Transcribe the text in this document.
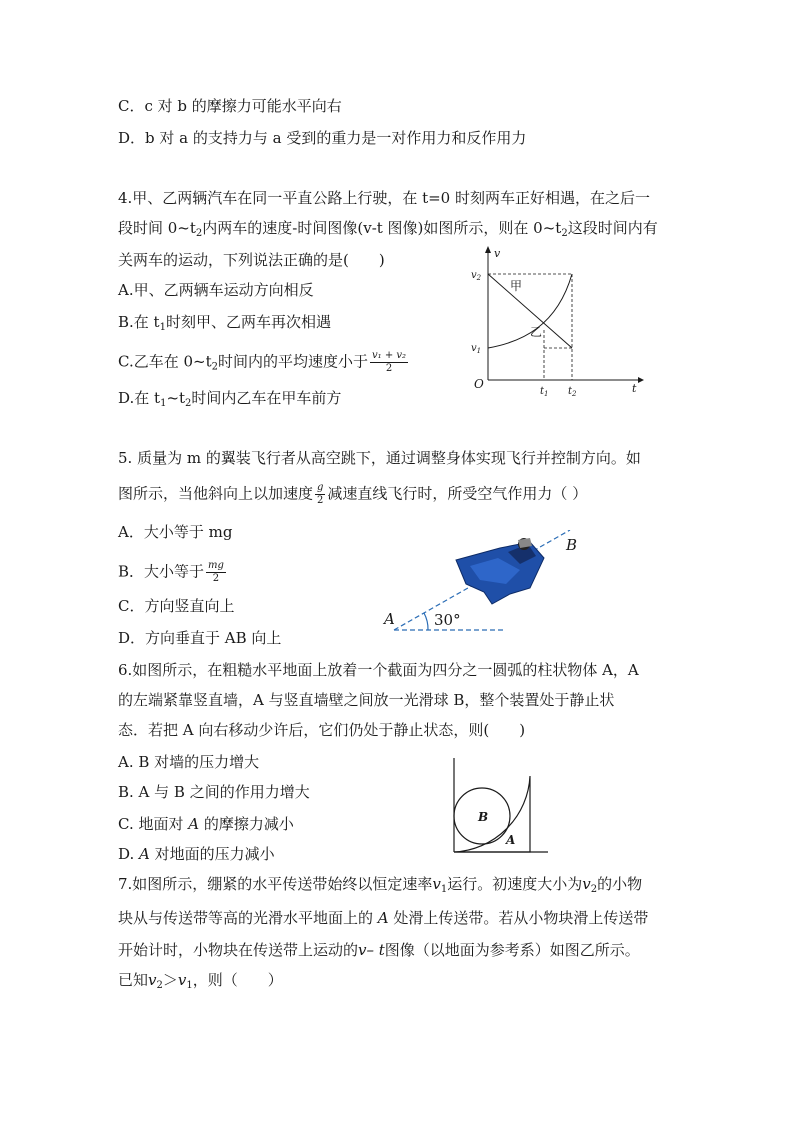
C．c 对 b 的摩擦力可能水平向右
D．b 对 a 的支持力与 a 受到的重力是一对作用力和反作用力
4.甲、乙两辆汽车在同一平直公路上行驶，在 t=0 时刻两车正好相遇，在之后一
段时间 $0\sim t_2$内两车的速度-时间图像(v-t 图像)如图所示，则在 $0\sim t_2$这段时间内有
关两车的运动，下列说法正确的是(　　)
A.甲、乙两辆车运动方向相反
B.在 $t_1$时刻甲、乙两车再次相遇
C.乙车在 $0\sim t_2$时间内的平均速度小于 $\frac{\text{v₁ + v₂}}{2}$
D.在 $t_1\sim t_2$时间内乙车在甲车前方
v
t
O
$v_2$
$v_1$
甲
乙
$t_1$ $t_2$
5. 质量为 m 的翼装飞行者从高空跳下，通过调整身体实现飞行并控制方向。如
图所示，当他斜向上以加速度 $\frac{g}{2}$ 减速直线飞行时，所受空气作用力（ ）
A．大小等于 mg
B．大小等于 $\frac{mg}{2}$
C．方向竖直向上
D．方向垂直于 AB 向上
30°
A
B
6.如图所示，在粗糙水平地面上放着一个截面为四分之一圆弧的柱状物体 A，A
的左端紧靠竖直墙，A 与竖直墙壁之间放一光滑球 B，整个装置处于静止状
态．若把 A 向右移动少许后，它们仍处于静止状态，则(　　)
A. B 对墙的压力增大
B. A 与 B 之间的作用力增大
C. 地面对 A 的摩擦力减小
D. A 对地面的压力减小
B
A
7.如图所示，绷紧的水平传送带始终以恒定速率$v_1$运行。初速度大小为$v_2$的小物
块从与传送带等高的光滑水平地面上的 A 处滑上传送带。若从小物块滑上传送带
开始计时，小物块在传送带上运动的v– t图像（以地面为参考系）如图乙所示。
已知$v_2>v_1$，则（　　）
